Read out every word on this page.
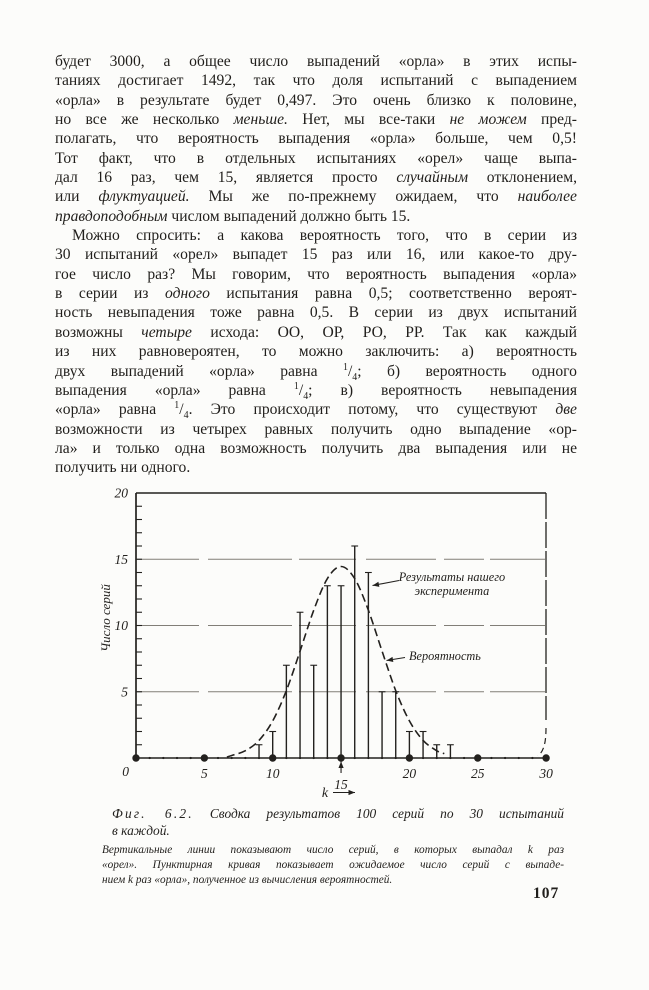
будет 3000, а общее число выпадений «орла» в этих испы-
таниях достигает 1492, так что доля испытаний с выпадением
«орла» в результате будет 0,497. Это очень близко к половине,
но все же несколько меньше. Нет, мы все-таки не можем пред-
полагать, что вероятность выпадения «орла» больше, чем 0,5!
Тот факт, что в отдельных испытаниях «орел» чаще выпа-
дал 16 раз, чем 15, является просто случайным отклонением,
или флуктуацией. Мы же по-прежнему ожидаем, что наиболее
правдоподобным числом выпадений должно быть 15.
Можно спросить: а какова вероятность того, что в серии из
30 испытаний «орел» выпадет 15 раз или 16, или какое-то дру-
гое число раз? Мы говорим, что вероятность выпадения «орла»
в серии из одного испытания равна 0,5; соответственно вероят-
ность невыпадения тоже равна 0,5. В серии из двух испытаний
возможны четыре исхода: ОО, ОР, РО, РР. Так как каждый
из них равновероятен, то можно заключить: а) вероятность
двух выпадений «орла» равна $^1/_4$; б) вероятность одного
выпадения «орла» равна $^1/_4$; в) вероятность невыпадения
«орла» равна $^1/_4$. Это происходит потому, что существуют две
возможности из четырех равных получить одно выпадение «ор-
ла» и только одна возможность получить два выпадения или не
получить ни одного.
0
5
10
15
20
5	10	20	25	30
15
k
Число серий
Результаты нашего
эксперимента
Вероятность
Фиг. 6.2. Сводка результатов 100 серий по 30 испытаний
в каждой.
Вертикальные линии показывают число серий, в которых выпадал k раз
«орел». Пунктирная кривая показывает ожидаемое число серий с выпаде-
нием k раз «орла», полученное из вычисления вероятностей.
107
